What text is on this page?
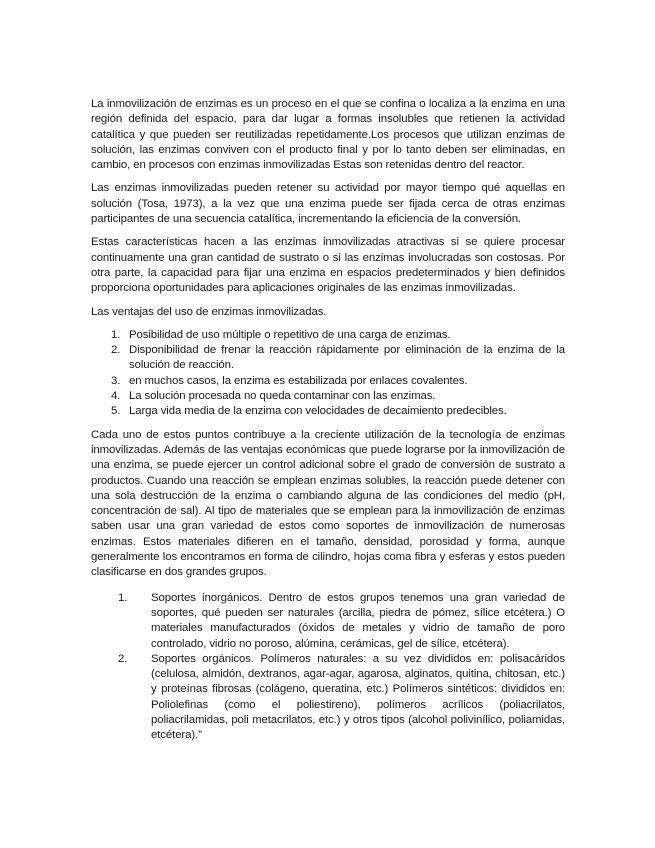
La inmovilización de enzimas es un proceso en el que se confina o localiza a la enzima en una región definida del espacio, para dar lugar a formas insolubles que retienen la actividad catalítica y que pueden ser reutilizadas repetidamente.Los procesos que utilizan enzimas de solución, las enzimas conviven con el producto final y por lo tanto deben ser eliminadas, en cambio, en procesos con enzimas inmovilizadas Estas son retenidas dentro del reactor.

Las enzimas inmovilizadas pueden retener su actividad por mayor tiempo qué aquellas en solución (Tosa, 1973), a la vez que una enzima puede ser fijada cerca de otras enzimas participantes de una secuencia catalítica, incrementando la eficiencia de la conversión.

Estas características hacen a las enzimas inmovilizadas atractivas si se quiere procesar continuamente una gran cantidad de sustrato o si las enzimas involucradas son costosas. Por otra parte, la capacidad para fijar una enzima en espacios predeterminados y bien definidos proporciona oportunidades para aplicaciones originales de las enzimas inmovilizadas.

Las ventajas del uso de enzimas inmovilizadas.

1. Posibilidad de uso múltiple o repetitivo de una carga de enzimas.
2. Disponibilidad de frenar la reacción rápidamente por eliminación de la enzima de la solución de reacción.
3. en muchos casos, la enzima es estabilizada por enlaces covalentes.
4. La solución procesada no queda contaminar con las enzimas.
5. Larga vida media de la enzima con velocidades de decaimiento predecibles.

Cada uno de estos puntos contribuye a la creciente utilización de la tecnología de enzimas inmovilizadas. Además de las ventajas económicas que puede lograrse por la inmovilización de una enzima, se puede ejercer un control adicional sobre el grado de conversión de sustrato a productos. Cuando una reacción se emplean enzimas solubles, la reacción puede detener con una sola destrucción de la enzima o cambiando alguna de las condiciones del medio (pH, concentración de sal). Al tipo de materiales que se emplean para la inmovilización de enzimas saben usar una gran variedad de estos como soportes de inmovilización de numerosas enzimas. Estos materiales difieren en el tamaño, densidad, porosidad y forma, aunque generalmente los encontramos en forma de cilindro, hojas coma fibra y esferas y estos pueden clasificarse en dos grandes grupos.

1. Soportes inorgánicos. Dentro de estos grupos tenemos una gran variedad de soportes, qué pueden ser naturales (arcilla, piedra de pómez, sílice etcétera.) O materiales manufacturados (óxidos de metales y vidrio de tamaño de poro controlado, vidrio no poroso, alúmina, cerámicas, gel de sílice, etcétera).
2. Soportes orgánicos. Polímeros naturales: a su vez divididos en: polisacáridos (celulosa, almidón, dextranos, agar-agar, agarosa, alginatos, quitina, chitosan, etc.) y proteínas fibrosas (colágeno, queratina, etc.) Polímeros sintéticos: divididos en: Poliolefinas (como el poliestireno), polímeros acrílicos (poliacrilatos, poliacrilamidas, poli metacrilatos, etc.) y otros tipos (alcohol polivinílico, poliamidas, etcétera).”
